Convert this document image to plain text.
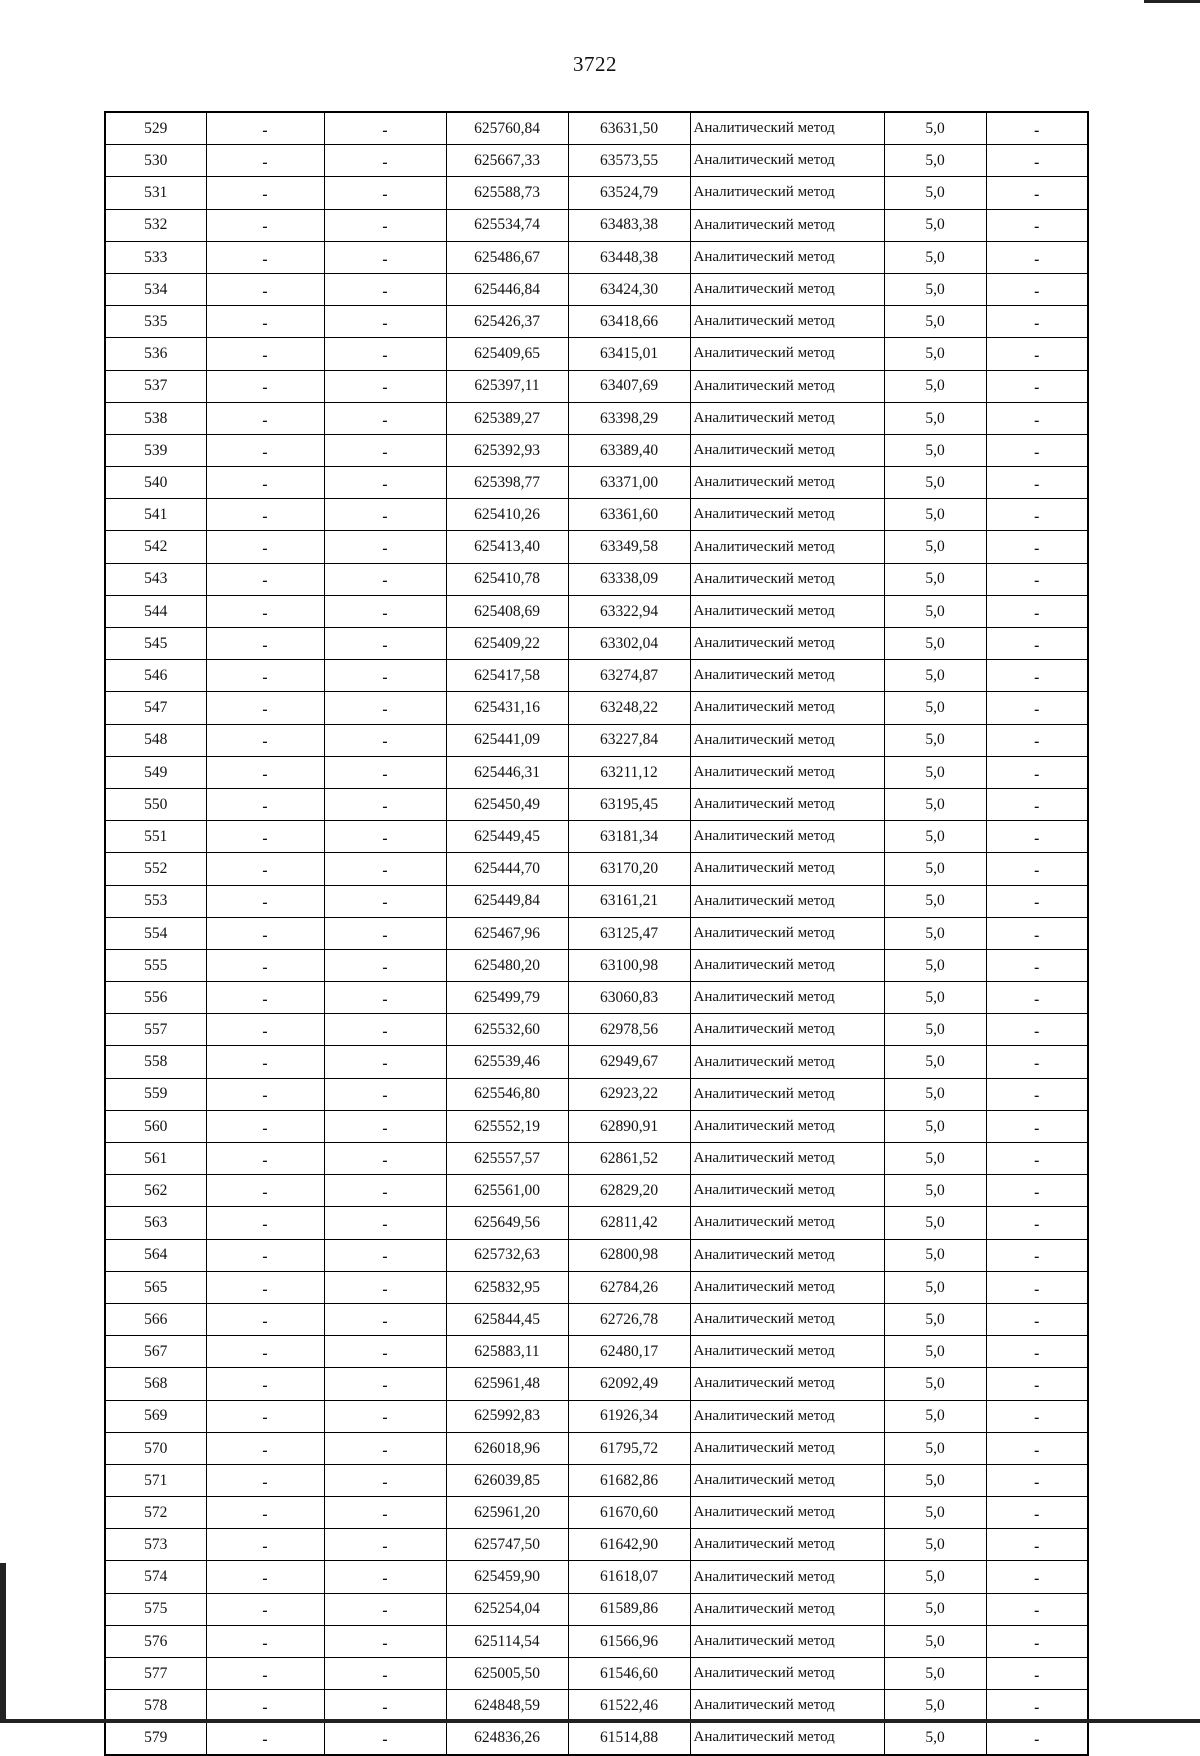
3722
529	-	-	625760,84	63631,50	Аналитический метод	5,0	-
530	-	-	625667,33	63573,55	Аналитический метод	5,0	-
531	-	-	625588,73	63524,79	Аналитический метод	5,0	-
532	-	-	625534,74	63483,38	Аналитический метод	5,0	-
533	-	-	625486,67	63448,38	Аналитический метод	5,0	-
534	-	-	625446,84	63424,30	Аналитический метод	5,0	-
535	-	-	625426,37	63418,66	Аналитический метод	5,0	-
536	-	-	625409,65	63415,01	Аналитический метод	5,0	-
537	-	-	625397,11	63407,69	Аналитический метод	5,0	-
538	-	-	625389,27	63398,29	Аналитический метод	5,0	-
539	-	-	625392,93	63389,40	Аналитический метод	5,0	-
540	-	-	625398,77	63371,00	Аналитический метод	5,0	-
541	-	-	625410,26	63361,60	Аналитический метод	5,0	-
542	-	-	625413,40	63349,58	Аналитический метод	5,0	-
543	-	-	625410,78	63338,09	Аналитический метод	5,0	-
544	-	-	625408,69	63322,94	Аналитический метод	5,0	-
545	-	-	625409,22	63302,04	Аналитический метод	5,0	-
546	-	-	625417,58	63274,87	Аналитический метод	5,0	-
547	-	-	625431,16	63248,22	Аналитический метод	5,0	-
548	-	-	625441,09	63227,84	Аналитический метод	5,0	-
549	-	-	625446,31	63211,12	Аналитический метод	5,0	-
550	-	-	625450,49	63195,45	Аналитический метод	5,0	-
551	-	-	625449,45	63181,34	Аналитический метод	5,0	-
552	-	-	625444,70	63170,20	Аналитический метод	5,0	-
553	-	-	625449,84	63161,21	Аналитический метод	5,0	-
554	-	-	625467,96	63125,47	Аналитический метод	5,0	-
555	-	-	625480,20	63100,98	Аналитический метод	5,0	-
556	-	-	625499,79	63060,83	Аналитический метод	5,0	-
557	-	-	625532,60	62978,56	Аналитический метод	5,0	-
558	-	-	625539,46	62949,67	Аналитический метод	5,0	-
559	-	-	625546,80	62923,22	Аналитический метод	5,0	-
560	-	-	625552,19	62890,91	Аналитический метод	5,0	-
561	-	-	625557,57	62861,52	Аналитический метод	5,0	-
562	-	-	625561,00	62829,20	Аналитический метод	5,0	-
563	-	-	625649,56	62811,42	Аналитический метод	5,0	-
564	-	-	625732,63	62800,98	Аналитический метод	5,0	-
565	-	-	625832,95	62784,26	Аналитический метод	5,0	-
566	-	-	625844,45	62726,78	Аналитический метод	5,0	-
567	-	-	625883,11	62480,17	Аналитический метод	5,0	-
568	-	-	625961,48	62092,49	Аналитический метод	5,0	-
569	-	-	625992,83	61926,34	Аналитический метод	5,0	-
570	-	-	626018,96	61795,72	Аналитический метод	5,0	-
571	-	-	626039,85	61682,86	Аналитический метод	5,0	-
572	-	-	625961,20	61670,60	Аналитический метод	5,0	-
573	-	-	625747,50	61642,90	Аналитический метод	5,0	-
574	-	-	625459,90	61618,07	Аналитический метод	5,0	-
575	-	-	625254,04	61589,86	Аналитический метод	5,0	-
576	-	-	625114,54	61566,96	Аналитический метод	5,0	-
577	-	-	625005,50	61546,60	Аналитический метод	5,0	-
578	-	-	624848,59	61522,46	Аналитический метод	5,0	-
579	-	-	624836,26	61514,88	Аналитический метод	5,0	-
